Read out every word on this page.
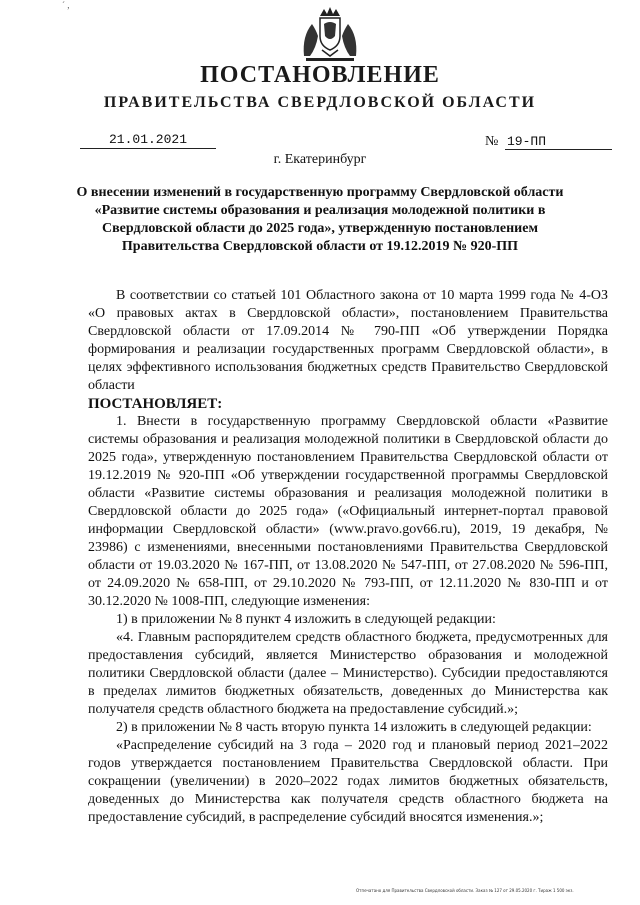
´ ,
ПОСТАНОВЛЕНИЕ
ПРАВИТЕЛЬСТВА СВЕРДЛОВСКОЙ ОБЛАСТИ
21.01.2021	№ 19-ПП
г. Екатеринбург

О внесении изменений в государственную программу Свердловской области «Развитие системы образования и реализация молодежной политики в Свердловской области до 2025 года», утвержденную постановлением Правительства Свердловской области от 19.12.2019 № 920-ПП

В соответствии со статьей 101 Областного закона от 10 марта 1999 года № 4-ОЗ «О правовых актах в Свердловской области», постановлением Правительства Свердловской области от 17.09.2014 № 790-ПП «Об утверждении Порядка формирования и реализации государственных программ Свердловской области», в целях эффективного использования бюджетных средств Правительство Свердловской области

ПОСТАНОВЛЯЕТ:

1. Внести в государственную программу Свердловской области «Развитие системы образования и реализация молодежной политики в Свердловской области до 2025 года», утвержденную постановлением Правительства Свердловской области от 19.12.2019 № 920-ПП «Об утверждении государственной программы Свердловской области «Развитие системы образования и реализация молодежной политики в Свердловской области до 2025 года» («Официальный интернет-портал правовой информации Свердловской области» (www.pravo.gov66.ru), 2019, 19 декабря, № 23986) с изменениями, внесенными постановлениями Правительства Свердловской области от 19.03.2020 № 167-ПП, от 13.08.2020 № 547-ПП, от 27.08.2020 № 596-ПП, от 24.09.2020 № 658-ПП, от 29.10.2020 № 793-ПП, от 12.11.2020 № 830-ПП и от 30.12.2020 № 1008-ПП, следующие изменения:

1) в приложении № 8 пункт 4 изложить в следующей редакции:

«4. Главным распорядителем средств областного бюджета, предусмотренных для предоставления субсидий, является Министерство образования и молодежной политики Свердловской области (далее – Министерство). Субсидии предоставляются в пределах лимитов бюджетных обязательств, доведенных до Министерства как получателя средств областного бюджета на предоставление субсидий.»;

2) в приложении № 8 часть вторую пункта 14 изложить в следующей редакции:

«Распределение субсидий на 3 года – 2020 год и плановый период 2021–2022 годов утверждается постановлением Правительства Свердловской области. При сокращении (увеличении) в 2020–2022 годах лимитов бюджетных обязательств, доведенных до Министерства как получателя средств областного бюджета на предоставление субсидий, в распределение субсидий вносятся изменения.»;

Отпечатано для Правительства Свердловской области. Заказ № 127 от 29.05.2020 г. Тираж 1 500 экз.
